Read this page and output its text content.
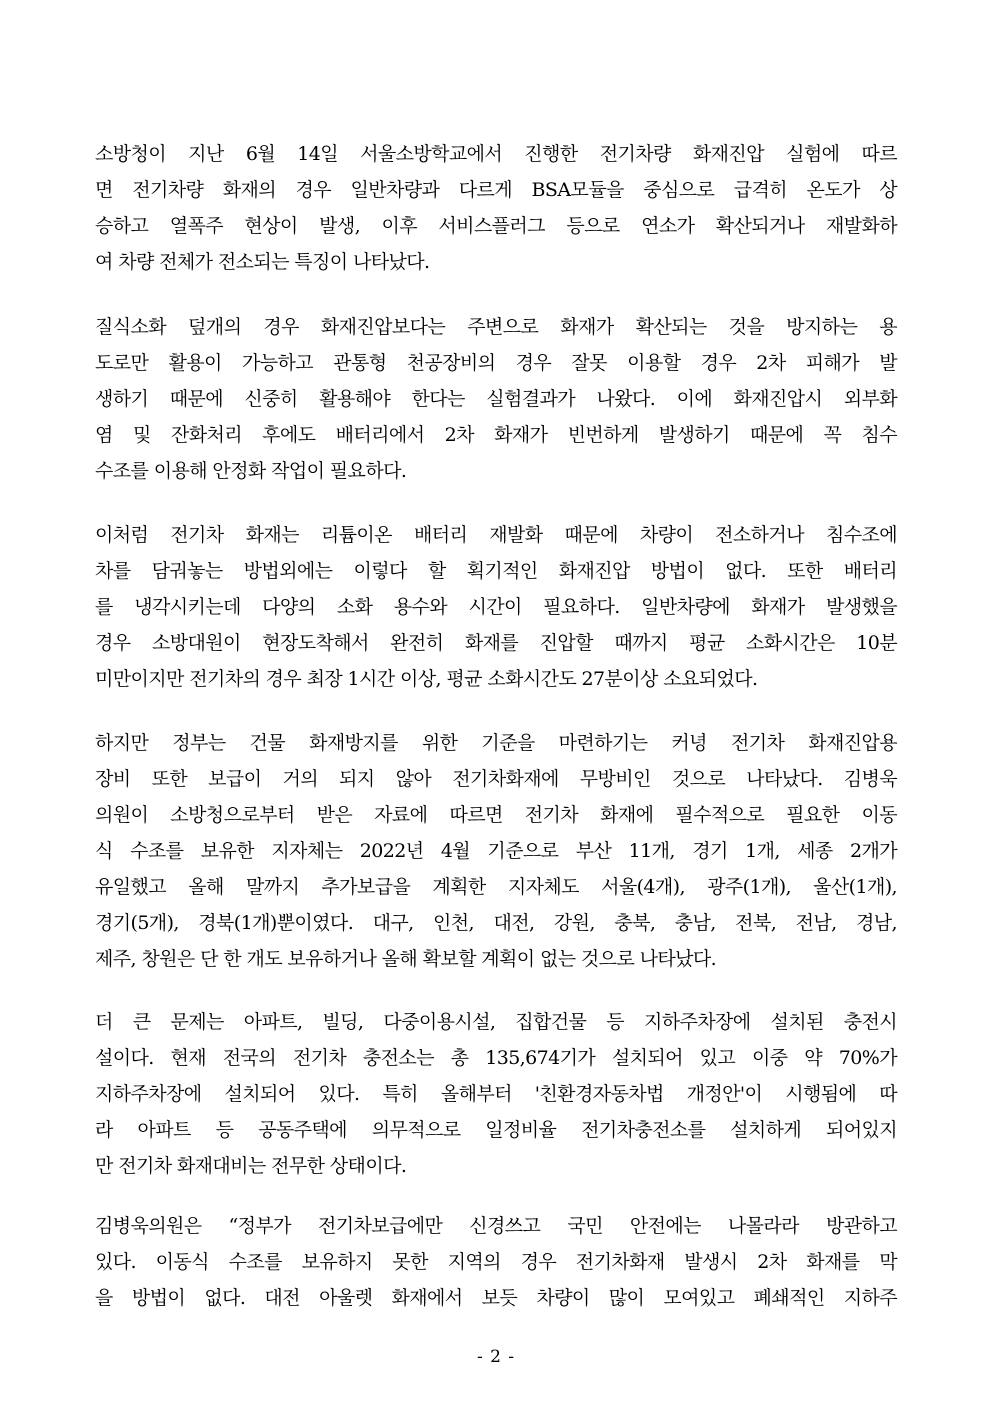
소방청이 지난 6월 14일 서울소방학교에서 진행한 전기차량 화재진압 실험에 따르
면 전기차량 화재의 경우 일반차량과 다르게 BSA모듈을 중심으로 급격히 온도가 상
승하고 열폭주 현상이 발생, 이후 서비스플러그 등으로 연소가 확산되거나 재발화하
여 차량 전체가 전소되는 특징이 나타났다.
질식소화 덮개의 경우 화재진압보다는 주변으로 화재가 확산되는 것을 방지하는 용
도로만 활용이 가능하고 관통형 천공장비의 경우 잘못 이용할 경우 2차 피해가 발
생하기 때문에 신중히 활용해야 한다는 실험결과가 나왔다. 이에 화재진압시 외부화
염 및 잔화처리 후에도 배터리에서 2차 화재가 빈번하게 발생하기 때문에 꼭 침수
수조를 이용해 안정화 작업이 필요하다.
이처럼 전기차 화재는 리튬이온 배터리 재발화 때문에 차량이 전소하거나 침수조에
차를 담궈놓는 방법외에는 이렇다 할 획기적인 화재진압 방법이 없다. 또한 배터리
를 냉각시키는데 다양의 소화 용수와 시간이 필요하다. 일반차량에 화재가 발생했을
경우 소방대원이 현장도착해서 완전히 화재를 진압할 때까지 평균 소화시간은 10분
미만이지만 전기차의 경우 최장 1시간 이상, 평균 소화시간도 27분이상 소요되었다.
하지만 정부는 건물 화재방지를 위한 기준을 마련하기는 커녕 전기차 화재진압용
장비 또한 보급이 거의 되지 않아 전기차화재에 무방비인 것으로 나타났다. 김병욱
의원이 소방청으로부터 받은 자료에 따르면 전기차 화재에 필수적으로 필요한 이동
식 수조를 보유한 지자체는 2022년 4월 기준으로 부산 11개, 경기 1개, 세종 2개가
유일했고 올해 말까지 추가보급을 계획한 지자체도 서울(4개), 광주(1개), 울산(1개),
경기(5개), 경북(1개)뿐이였다. 대구, 인천, 대전, 강원, 충북, 충남, 전북, 전남, 경남,
제주, 창원은 단 한 개도 보유하거나 올해 확보할 계획이 없는 것으로 나타났다.
더 큰 문제는 아파트, 빌딩, 다중이용시설, 집합건물 등 지하주차장에 설치된 충전시
설이다. 현재 전국의 전기차 충전소는 총 135,674기가 설치되어 있고 이중 약 70%가
지하주차장에 설치되어 있다. 특히 올해부터 '친환경자동차법 개정안'이 시행됨에 따
라 아파트 등 공동주택에 의무적으로 일정비율 전기차충전소를 설치하게 되어있지
만 전기차 화재대비는 전무한 상태이다.
김병욱의원은 “정부가 전기차보급에만 신경쓰고 국민 안전에는 나몰라라 방관하고
있다. 이동식 수조를 보유하지 못한 지역의 경우 전기차화재 발생시 2차 화재를 막
을 방법이 없다. 대전 아울렛 화재에서 보듯 차량이 많이 모여있고 폐쇄적인 지하주
- 2 -
